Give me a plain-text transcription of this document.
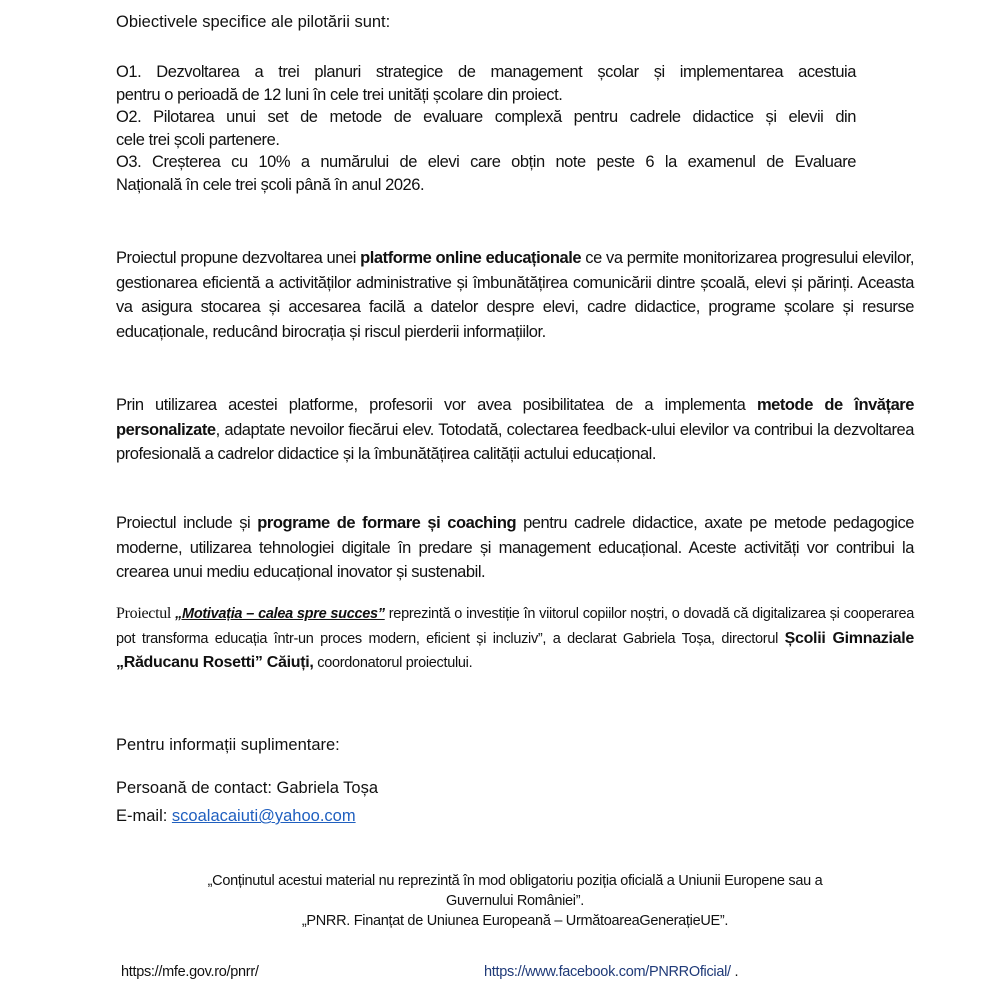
Obiectivele specifice ale pilotării sunt:

O1. Dezvoltarea a trei planuri strategice de management școlar și implementarea acestuia

pentru o perioadă de 12 luni în cele trei unități școlare din proiect.

O2. Pilotarea unui set de metode de evaluare complexă pentru cadrele didactice și elevii din

cele trei școli partenere.

O3. Creșterea cu 10% a numărului de elevi care obțin note peste 6 la examenul de Evaluare

Națională în cele trei școli până în anul 2026.

Proiectul propune dezvoltarea unei platforme online educaționale ce va permite monitorizarea progresului elevilor, gestionarea eficientă a activităților administrative și îmbunătățirea comunicării dintre școală, elevi și părinți. Aceasta va asigura stocarea și accesarea facilă a datelor despre elevi, cadre didactice, programe școlare și resurse educaționale, reducând birocrația și riscul pierderii informațiilor.

Prin utilizarea acestei platforme, profesorii vor avea posibilitatea de a implementa metode de învățare personalizate, adaptate nevoilor fiecărui elev. Totodată, colectarea feedback-ului elevilor va contribui la dezvoltarea profesională a cadrelor didactice și la îmbunătățirea calității actului educațional.

Proiectul include și programe de formare și coaching pentru cadrele didactice, axate pe metode pedagogice moderne, utilizarea tehnologiei digitale în predare și management educațional. Aceste activități vor contribui la crearea unui mediu educațional inovator și sustenabil.

Proiectul „Motivația – calea spre succes” reprezintă o investiție în viitorul copiilor noștri, o dovadă că digitalizarea și cooperarea pot transforma educația într-un proces modern, eficient și incluziv”, a declarat Gabriela Toșa, directorul Școlii Gimnaziale „Răducanu Rosetti” Căiuți, coordonatorul proiectului.

Pentru informații suplimentare:
Persoană de contact: Gabriela Toșa
E-mail: scoalacaiuti@yahoo.com

„Conținutul acestui material nu reprezintă în mod obligatoriu poziția oficială a Uniunii Europene sau a

Guvernului României”.

„PNRR. Finanțat de Uniunea Europeană – UrmătoareaGenerațieUE”.

https://mfe.gov.ro/pnrr/	https://www.facebook.com/PNRROficial/ .
